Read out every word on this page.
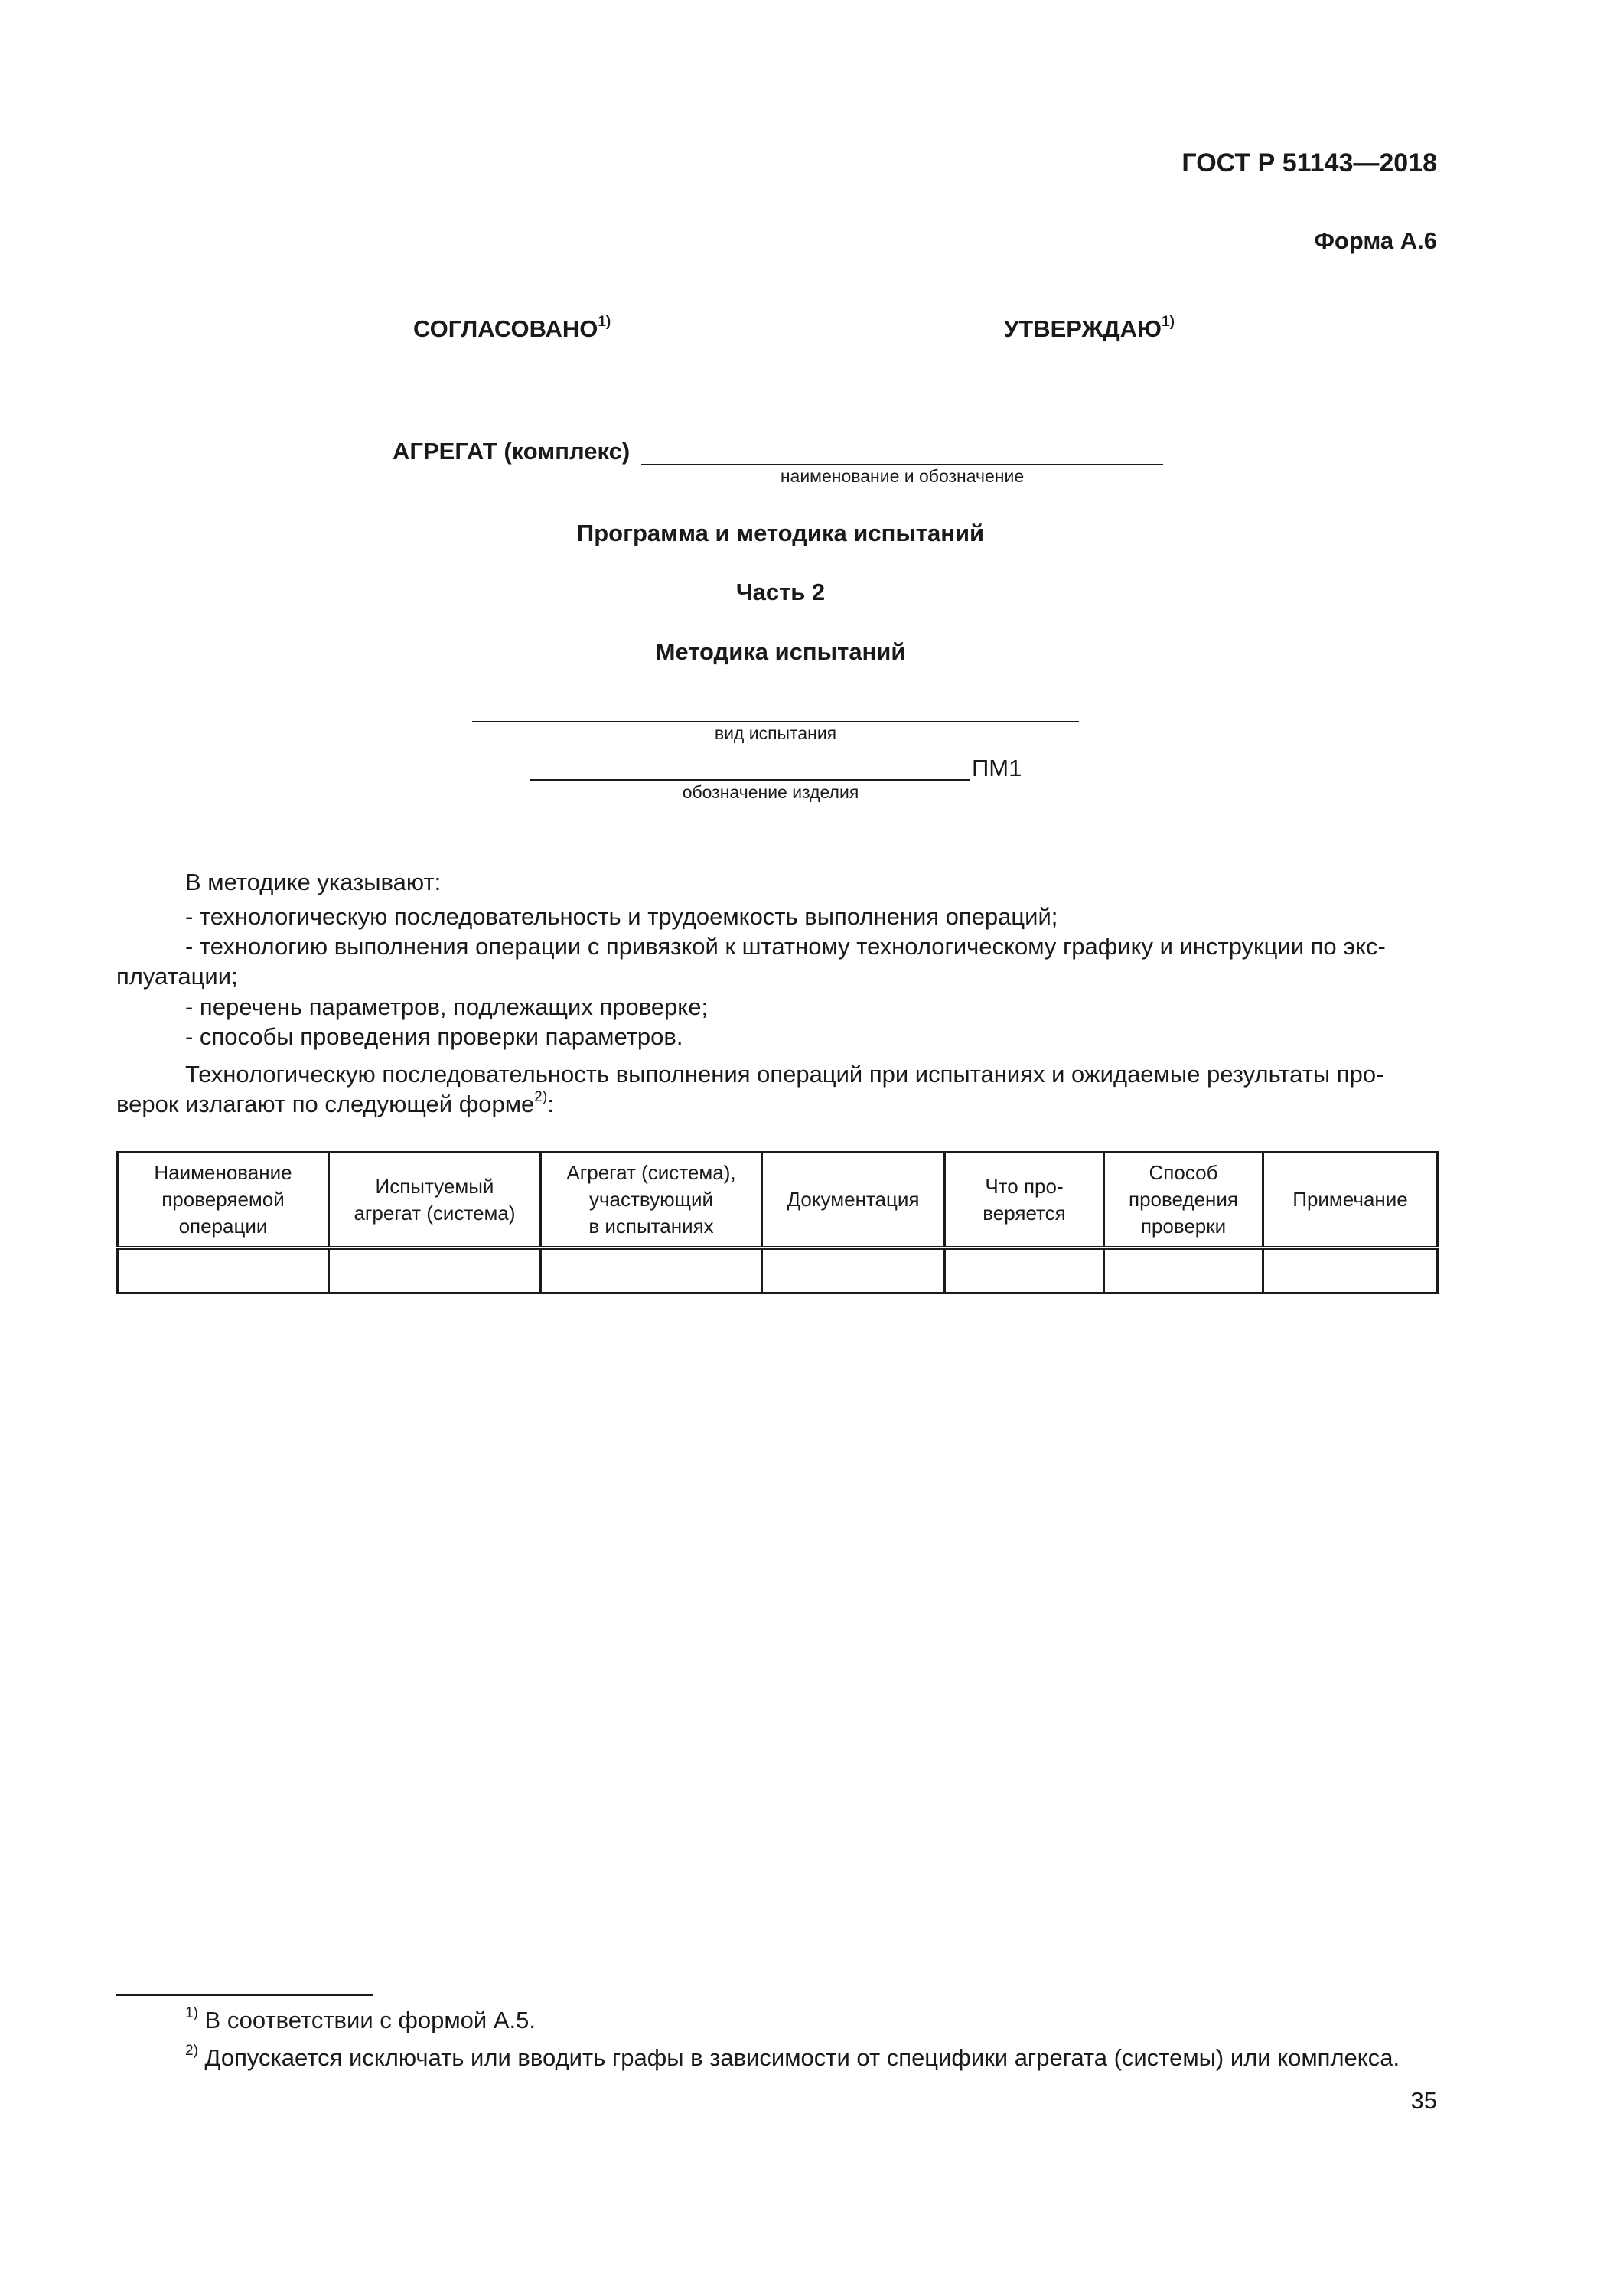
ГОСТ Р 51143—2018
Форма А.6
СОГЛАСОВАНО$^{1)}$	УТВЕРЖДАЮ$^{1)}$
АГРЕГАТ (комплекс)
наименование и обозначение
Программа и методика испытаний
Часть 2
Методика испытаний
вид испытания
ПМ1
обозначение изделия
В методике указывают:
- технологическую последовательность и трудоемкость выполнения операций;
- технологию выполнения операции с привязкой к штатному технологическому графику и инструкции по экс-
плуатации;
- перечень параметров, подлежащих проверке;
- способы проведения проверки параметров.
Технологическую последовательность выполнения операций при испытаниях и ожидаемые результаты про-
верок излагают по следующей форме$^{2)}$:
Наименование
проверяемой
операции	Испытуемый
агрегат (система)	Агрегат (система),
участвующий
в испытаниях	Документация	Что про-
веряется	Способ
проведения
проверки	Примечание

$^{1)}$ В соответствии с формой А.5.
$^{2)}$ Допускается исключать или вводить графы в зависимости от специфики агрегата (системы) или комплекса.
35
